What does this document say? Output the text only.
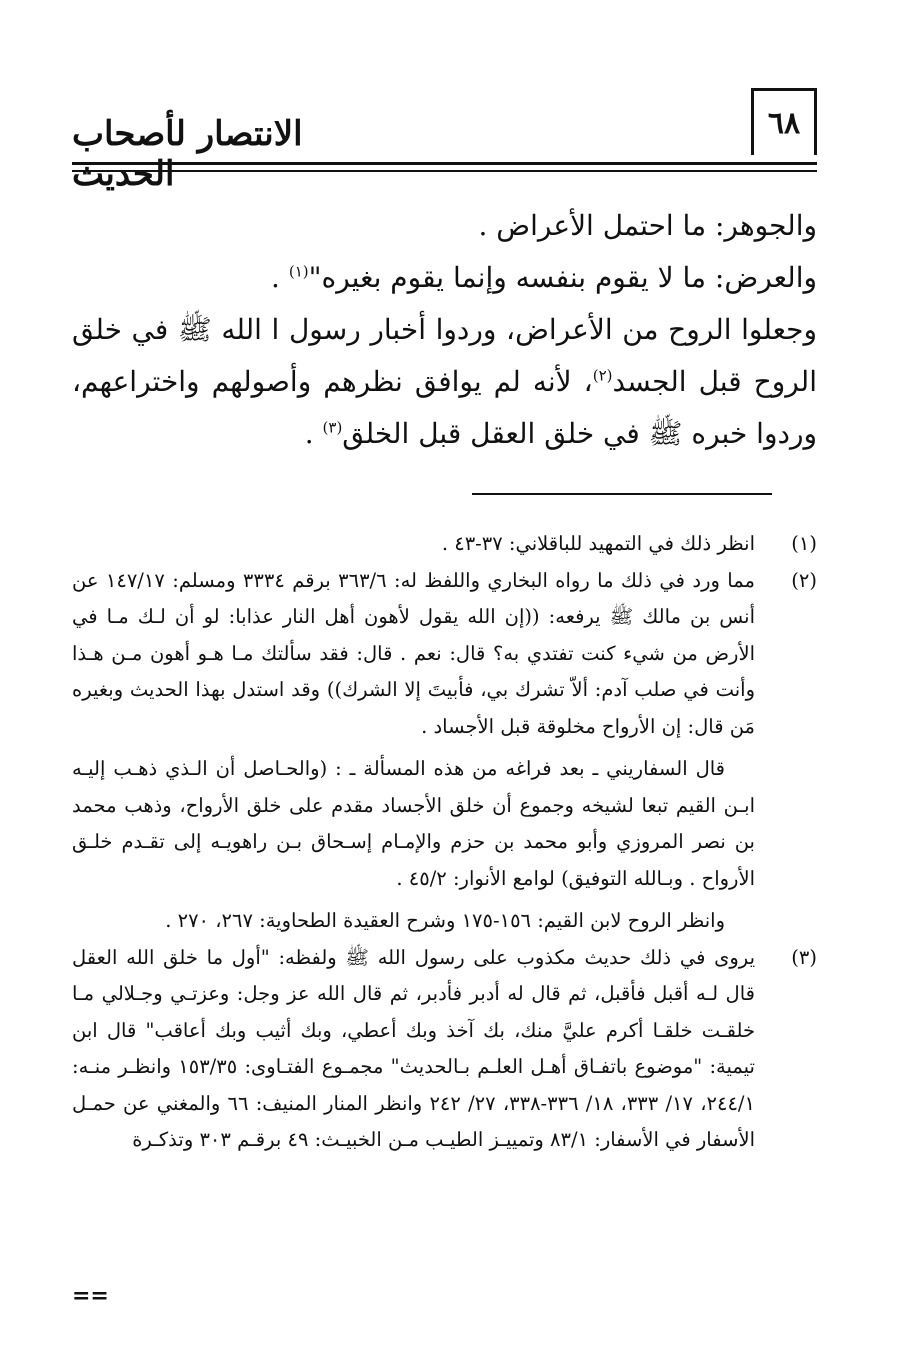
٦٨
الانتصار لأصحاب الحديث

والجوهر: ما احتمل الأعراض .

والعرض: ما لا يقوم بنفسه وإنما يقوم بغيره"$^{(١)}$ .

وجعلوا الروح من الأعراض، وردوا أخبار رسول ا الله ﷺ في خلق الروح قبل الجسد$^{(٢)}$، لأنه لم يوافق نظرهم وأصولهم واختراعهم، وردوا خبره ﷺ في خلق العقل قبل الخلق$^{(٣)}$ .

(١)

انظر ذلك في التمهيد للباقلاني: ٣٧-٤٣ .

(٢)

مما ورد في ذلك ما رواه البخاري واللفظ له: ٣٦٣/٦ برقم ٣٣٣٤ ومسلم: ١٤٧/١٧ عن أنس بن مالك ﷺ يرفعه: ((إن الله يقول لأهون أهل النار عذابا: لو أن لـك مـا في الأرض من شيء كنت تفتدي به؟ قال: نعم . قال: فقد سألتك مـا هـو أهون مـن هـذا وأنت في صلب آدم: ألاّ تشرك بي، فأبيتَ إلا الشرك)) وقد استدل بهذا الحديث وبغيره مَن قال: إن الأرواح مخلوقة قبل الأجساد .

قال السفاريني ـ بعد فراغه من هذه المسألة ـ : (والحـاصل أن الـذي ذهـب إليـه ابـن القيم تبعا لشيخه وجموع أن خلق الأجساد مقدم على خلق الأرواح، وذهب محمد بن نصر المروزي وأبو محمد بن حزم والإمـام إسـحاق بـن راهويـه إلى تقـدم خلـق الأرواح . وبـالله التوفيق) لوامع الأنوار: ٤٥/٢ .

وانظر الروح لابن القيم: ١٥٦-١٧٥ وشرح العقيدة الطحاوية: ٢٦٧، ٢٧٠ .

(٣)

يروى في ذلك حديث مكذوب على رسول الله ﷺ ولفظه: "أول ما خلق الله العقل قال لـه أقبل فأقبل، ثم قال له أدبر فأدبر، ثم قال الله عز وجل: وعزتـي وجـلالي مـا خلقـت خلقـا أكرم عليَّ منك، بك آخذ وبك أعطي، وبك أثيب وبك أعاقب" قال ابن تيمية: "موضوع باتفـاق أهـل العلـم بـالحديث" مجمـوع الفتـاوى: ١٥٣/٣٥ وانظـر منـه: ٢٤٤/١، ١٧/ ٣٣٣، ١٨/ ٣٣٦-٣٣٨، ٢٧/ ٢٤٢ وانظر المنار المنيف: ٦٦ والمغني عن حمـل الأسفار في الأسفار: ٨٣/١ وتمييـز الطيـب مـن الخبيـث: ٤٩ برقـم ٣٠٣ وتذكـرة

==
